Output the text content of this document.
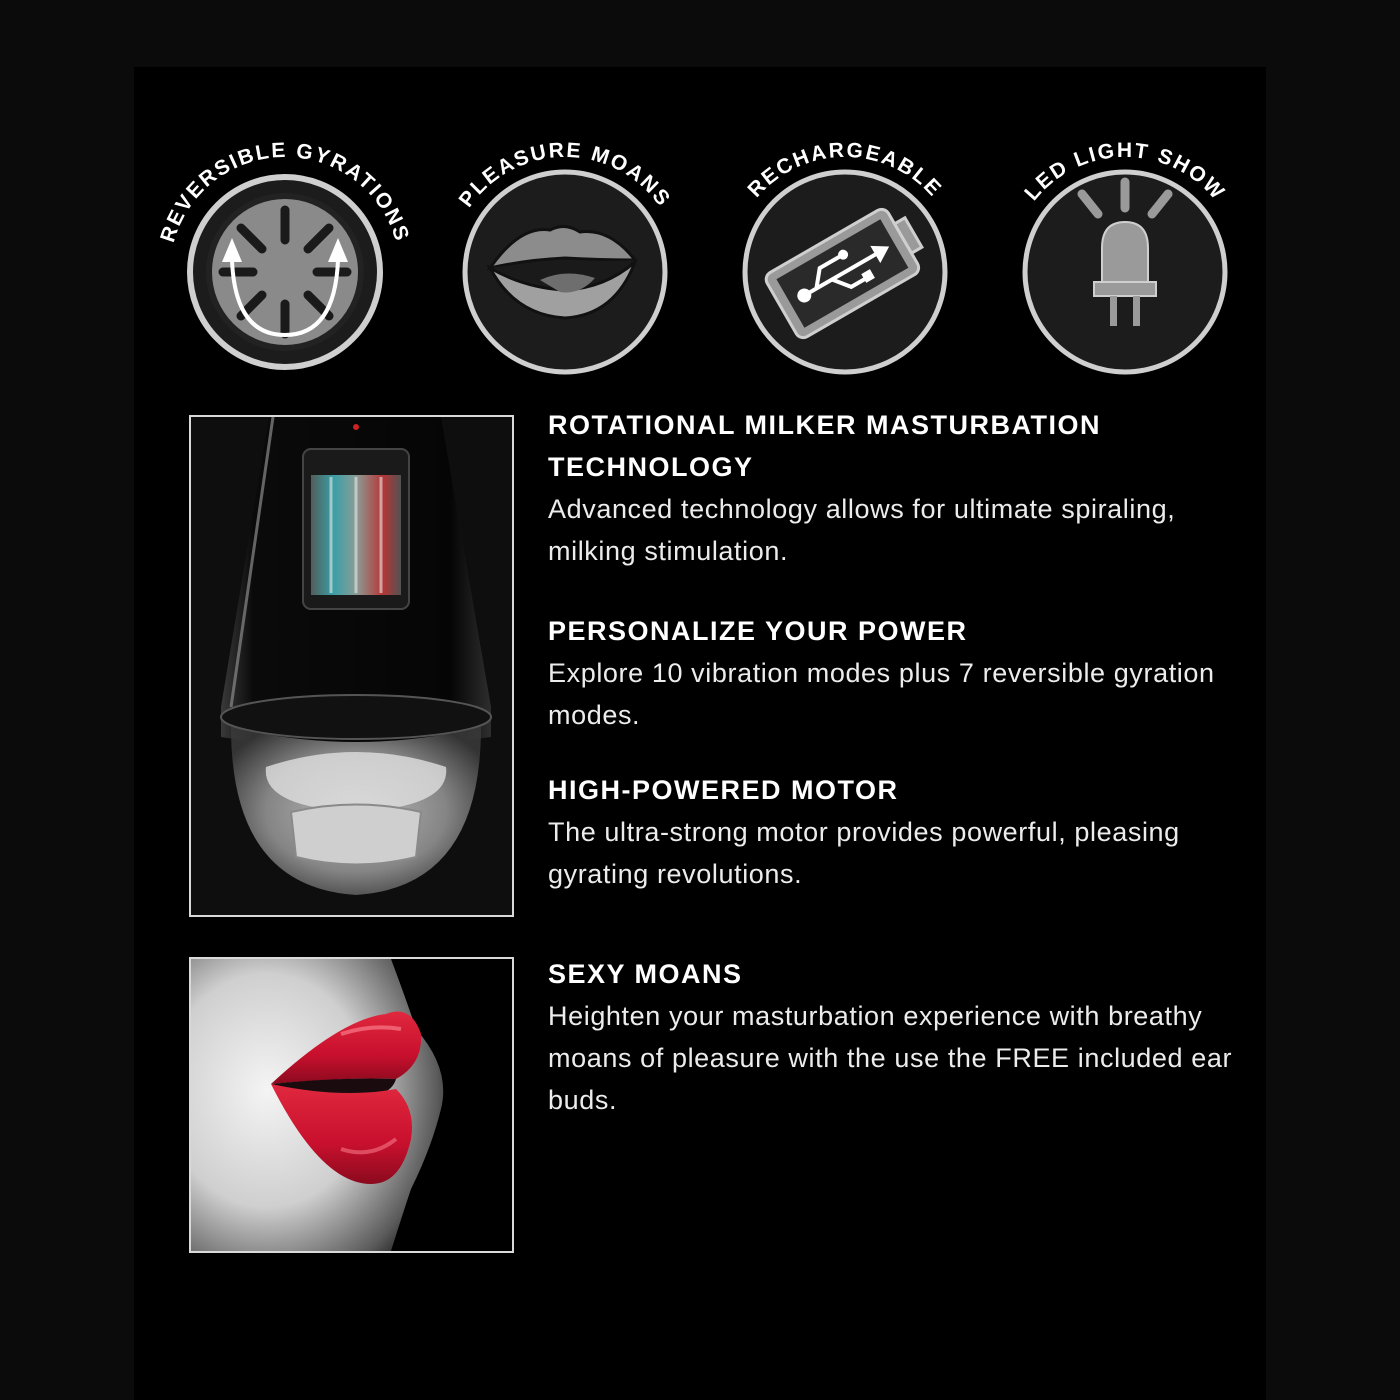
REVERSIBLE GYRATIONS
PLEASURE MOANS	RECHARGEABLE	LED LIGHT SHOW
ROTATIONAL MILKER MASTURBATION TECHNOLOGY

Advanced technology allows for ultimate spiraling, milking stimulation.

PERSONALIZE YOUR POWER

Explore 10 vibration modes plus 7 reversible gyration modes.

HIGH-POWERED MOTOR

The ultra-strong motor provides powerful, pleasing gyrating revolutions.

SEXY MOANS

Heighten your masturbation experience with breathy moans of pleasure with the use the FREE included ear buds.
